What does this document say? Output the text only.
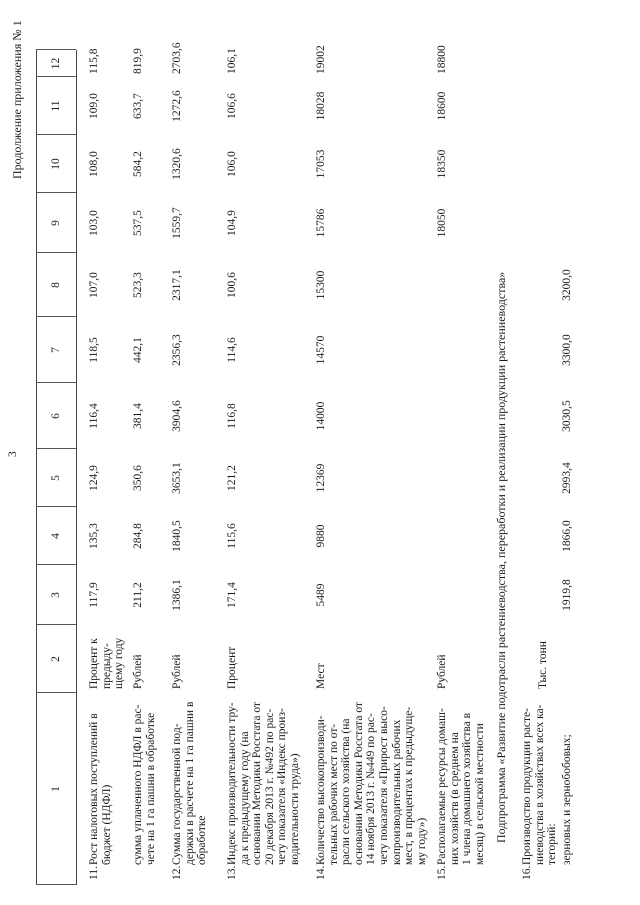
3
Продолжение приложения № 1
1
2
3
4
5
6
7
8
9
10
11
12
11.
Рост налоговых поступлений в
бюджет (НДФЛ)
Процент к
предыду-
щему году
117,9
135,3
124,9
116,4
118,5
107,0
103,0
108,0
109,0
115,8
сумма уплаченного НДФЛ в рас-
чете на 1 га пашни в обработке
Рублей
211,2
284,8
350,6
381,4
442,1
523,3
537,5
584,2
633,7
819,9
12.
Сумма государственной под-
держки в расчете на 1 га пашни в
обработке
Рублей
1386,1
1840,5
3653,1
3904,6
2356,3
2317,1
1559,7
1320,6
1272,6
2703,6
13.
Индекс производительности тру-
да к предыдущему году (на
основании Методики Росстата от
20 декабря 2013 г. №492 по рас-
чету показателя «Индекс произ-
водительности труда»)
Процент
171,4
115,6
121,2
116,8
114,6
100,6
104,9
106,0
106,6
106,1
14.
Количество высокопроизводи-
тельных рабочих мест по от-
расли сельского хозяйства (на
основании Методики Росстата от
14 ноября 2013 г. №449 по рас-
чету показателя «Прирост высо-
копроизводительных рабочих
мест, в процентах к предыдуще-
му году»)
Мест
5489
9880
12369
14000
14570
15300
15786
17053
18028
19002
15.
Располагаемые ресурсы домаш-
них хозяйств (в среднем на
1 члена домашнего хозяйства в
месяц) в сельской местности
Рублей
18050
18350
18600
18800
Подпрограмма «Развитие подотрасли растениеводства, переработки и реализации продукции растениеводства»
16.
Производство продукции расте-
ниеводства в хозяйствах всех ка-
тегорий: зерновых и зернобобовых;
Тыс. тонн
1919,8
1866,0
2993,4
3030,5
3300,0
3200,0
